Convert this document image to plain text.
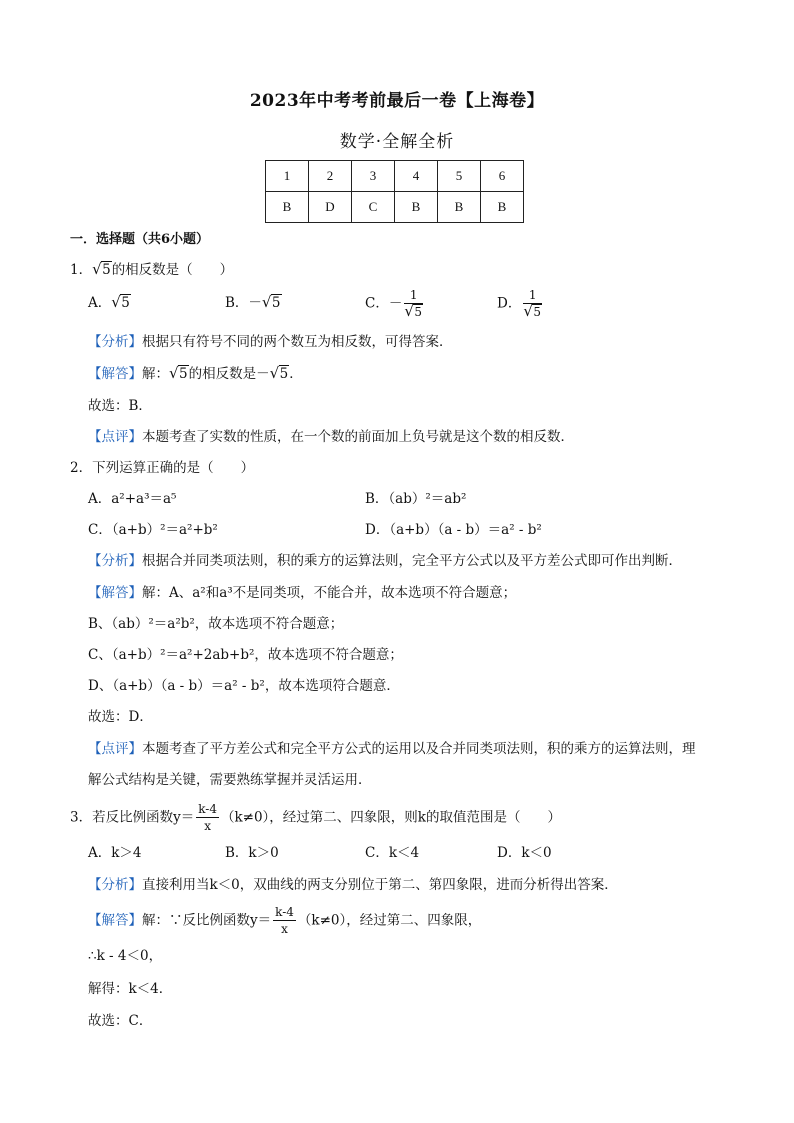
2023年中考考前最后一卷【上海卷】
数学·全解全析
1	2	3	4	5	6
B	D	C	B	B	B
一．选择题（共6小题）
1． √ 5的相反数是（　　）
A． √ 5	B．－ √ 5	C．－ 1
√ 5	D． 1
√ 5
【分析】根据只有符号不同的两个数互为相反数，可得答案．
【解答】解： √ 5的相反数是－ √ 5．
故选：B．
【点评】本题考查了实数的性质，在一个数的前面加上负号就是这个数的相反数．
2．下列运算正确的是（　　）
A．a²+a³＝a⁵	B．（ab）²＝ab²
C．（a+b）²＝a²+b²	D．（a+b）（a - b）＝a² - b²
【分析】根据合并同类项法则，积的乘方的运算法则，完全平方公式以及平方差公式即可作出判断．
【解答】解：A、a²和a³不是同类项，不能合并，故本选项不符合题意；
B、（ab）²＝a²b²，故本选项不符合题意；
C、（a+b）²＝a²+2ab+b²，故本选项不符合题意；
D、（a+b）（a - b）＝a² - b²，故本选项符合题意．
故选：D．
【点评】本题考查了平方差公式和完全平方公式的运用以及合并同类项法则，积的乘方的运算法则，理
解公式结构是关键，需要熟练掌握并灵活运用．
3．若反比例函数$y= \frac{k-4}{x} (k\ne 0)$，经过第二、四象限，则k的取值范围是（　　）
A．k＞4	B．k＞0	C．k＜4	D．k＜0
【分析】直接利用当k＜0，双曲线的两支分别位于第二、第四象限，进而分析得出答案．
【解答】解：∵反比例函数$y= \frac{k-4}{x} (k\ne 0)$，经过第二、四象限，
∴k - 4＜0，
解得：k＜4．
故选：C．
